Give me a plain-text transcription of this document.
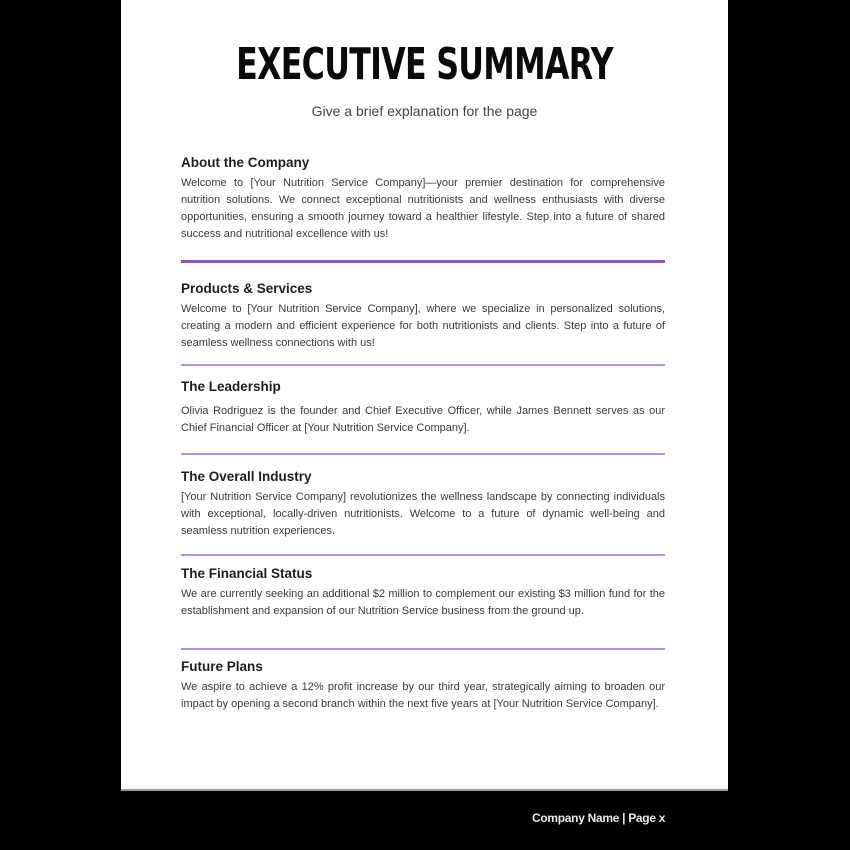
EXECUTIVE SUMMARY
Give a brief explanation for the page
About the Company

Welcome to [Your Nutrition Service Company]—your premier destination for comprehensive nutrition solutions. We connect exceptional nutritionists and wellness enthusiasts with diverse opportunities, ensuring a smooth journey toward a healthier lifestyle. Step into a future of shared success and nutritional excellence with us!

Products & Services

Welcome to [Your Nutrition Service Company], where we specialize in personalized solutions, creating a modern and efficient experience for both nutritionists and clients. Step into a future of seamless wellness connections with us!

The Leadership

Olivia Rodriguez is the founder and Chief Executive Officer, while James Bennett serves as our Chief Financial Officer at [Your Nutrition Service Company].

The Overall Industry

[Your Nutrition Service Company] revolutionizes the wellness landscape by connecting individuals with exceptional, locally-driven nutritionists. Welcome to a future of dynamic well-being and seamless nutrition experiences.

The Financial Status

We are currently seeking an additional $2 million to complement our existing $3 million fund for the establishment and expansion of our Nutrition Service business from the ground up.

Future Plans

We aspire to achieve a 12% profit increase by our third year, strategically aiming to broaden our impact by opening a second branch within the next five years at [Your Nutrition Service Company].

Company Name | Page x
